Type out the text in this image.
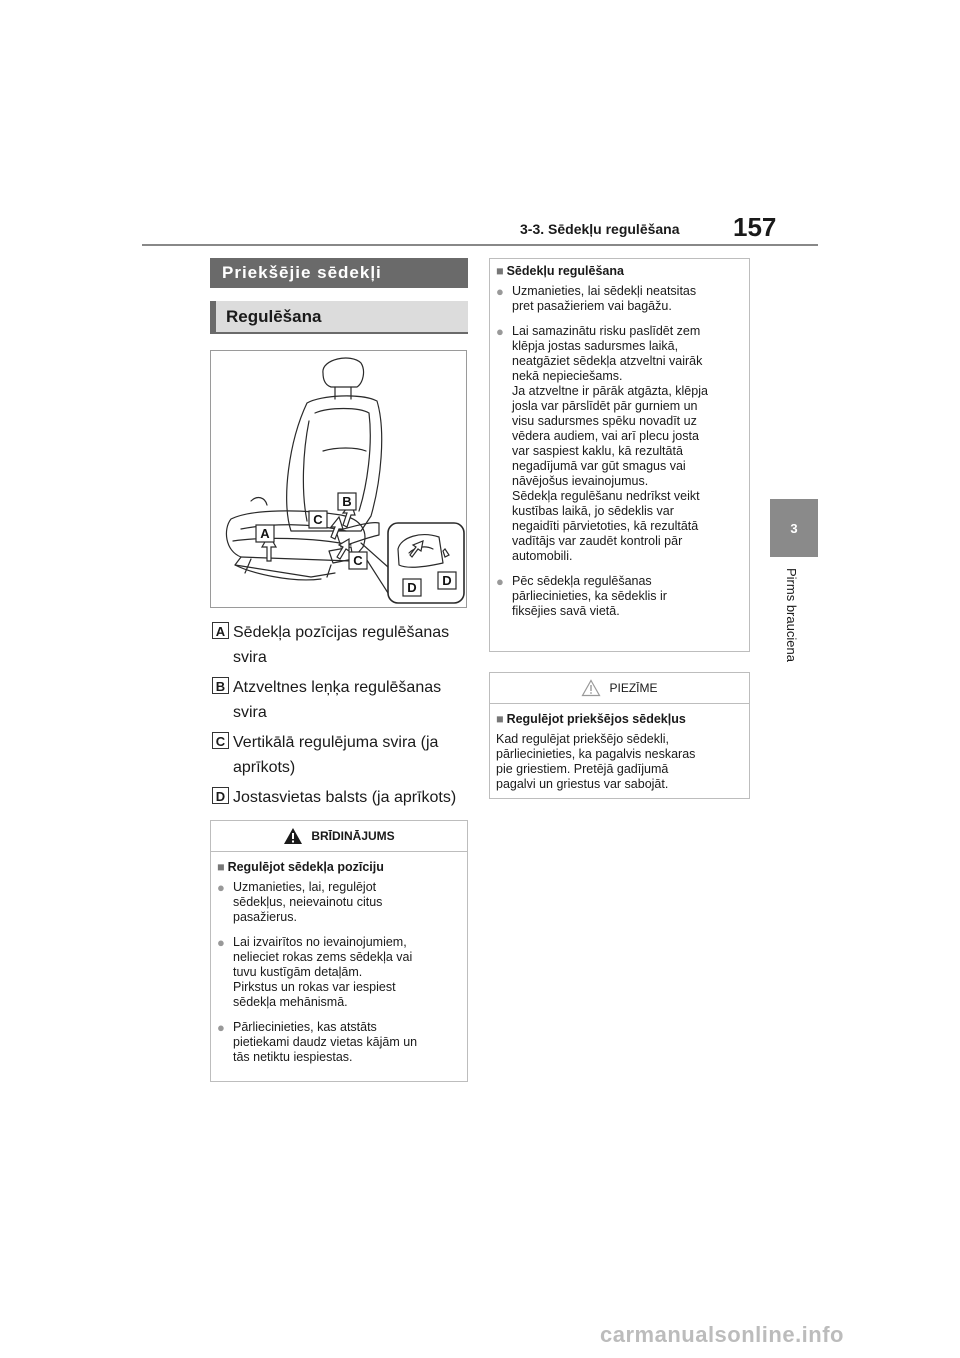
3-3. Sēdekļu regulēšana 157
3
Pirms brauciena
Priekšējie sēdekļi
Regulēšana
A
B
C
C
D D
A Sēdekļa pozīcijas regulēšanas svira
B Atzveltnes leņķa regulēšanas svira
C Vertikālā regulējuma svira (ja aprīkots)
D Jostasvietas balsts (ja aprīkots)
BRĪDINĀJUMS
■ Regulējot sēdekļa pozīciju
● Uzmanieties, lai, regulējot
sēdekļus, neievainotu citus
pasažierus.
● Lai izvairītos no ievainojumiem,
nelieciet rokas zems sēdekļa vai
tuvu kustīgām detaļām.
Pirkstus un rokas var iespiest
sēdekļa mehānismā.
● Pārliecinieties, kas atstāts
pietiekami daudz vietas kājām un
tās netiktu iespiestas.
■ Sēdekļu regulēšana
● Uzmanieties, lai sēdekļi neatsitas
pret pasažieriem vai bagāžu.
● Lai samazinātu risku paslīdēt zem
klēpja jostas sadursmes laikā,
neatgāziet sēdekļa atzveltni vairāk
nekā nepieciešams.
Ja atzveltne ir pārāk atgāzta, klēpja
josla var pārslīdēt pār gurniem un
visu sadursmes spēku novadīt uz
vēdera audiem, vai arī plecu josta
var saspiest kaklu, kā rezultātā
negadījumā var gūt smagus vai
nāvējošus ievainojumus.
Sēdekļa regulēšanu nedrīkst veikt
kustības laikā, jo sēdeklis var
negaidīti pārvietoties, kā rezultātā
vadītājs var zaudēt kontroli pār
automobili.
● Pēc sēdekļa regulēšanas
pārliecinieties, ka sēdeklis ir
fiksējies savā vietā.
PIEZĪME
■ Regulējot priekšējos sēdekļus
Kad regulējat priekšējo sēdekli,
pārliecinieties, ka pagalvis neskaras
pie griestiem. Pretējā gadījumā
pagalvi un griestus var sabojāt.
carmanualsonline.info
